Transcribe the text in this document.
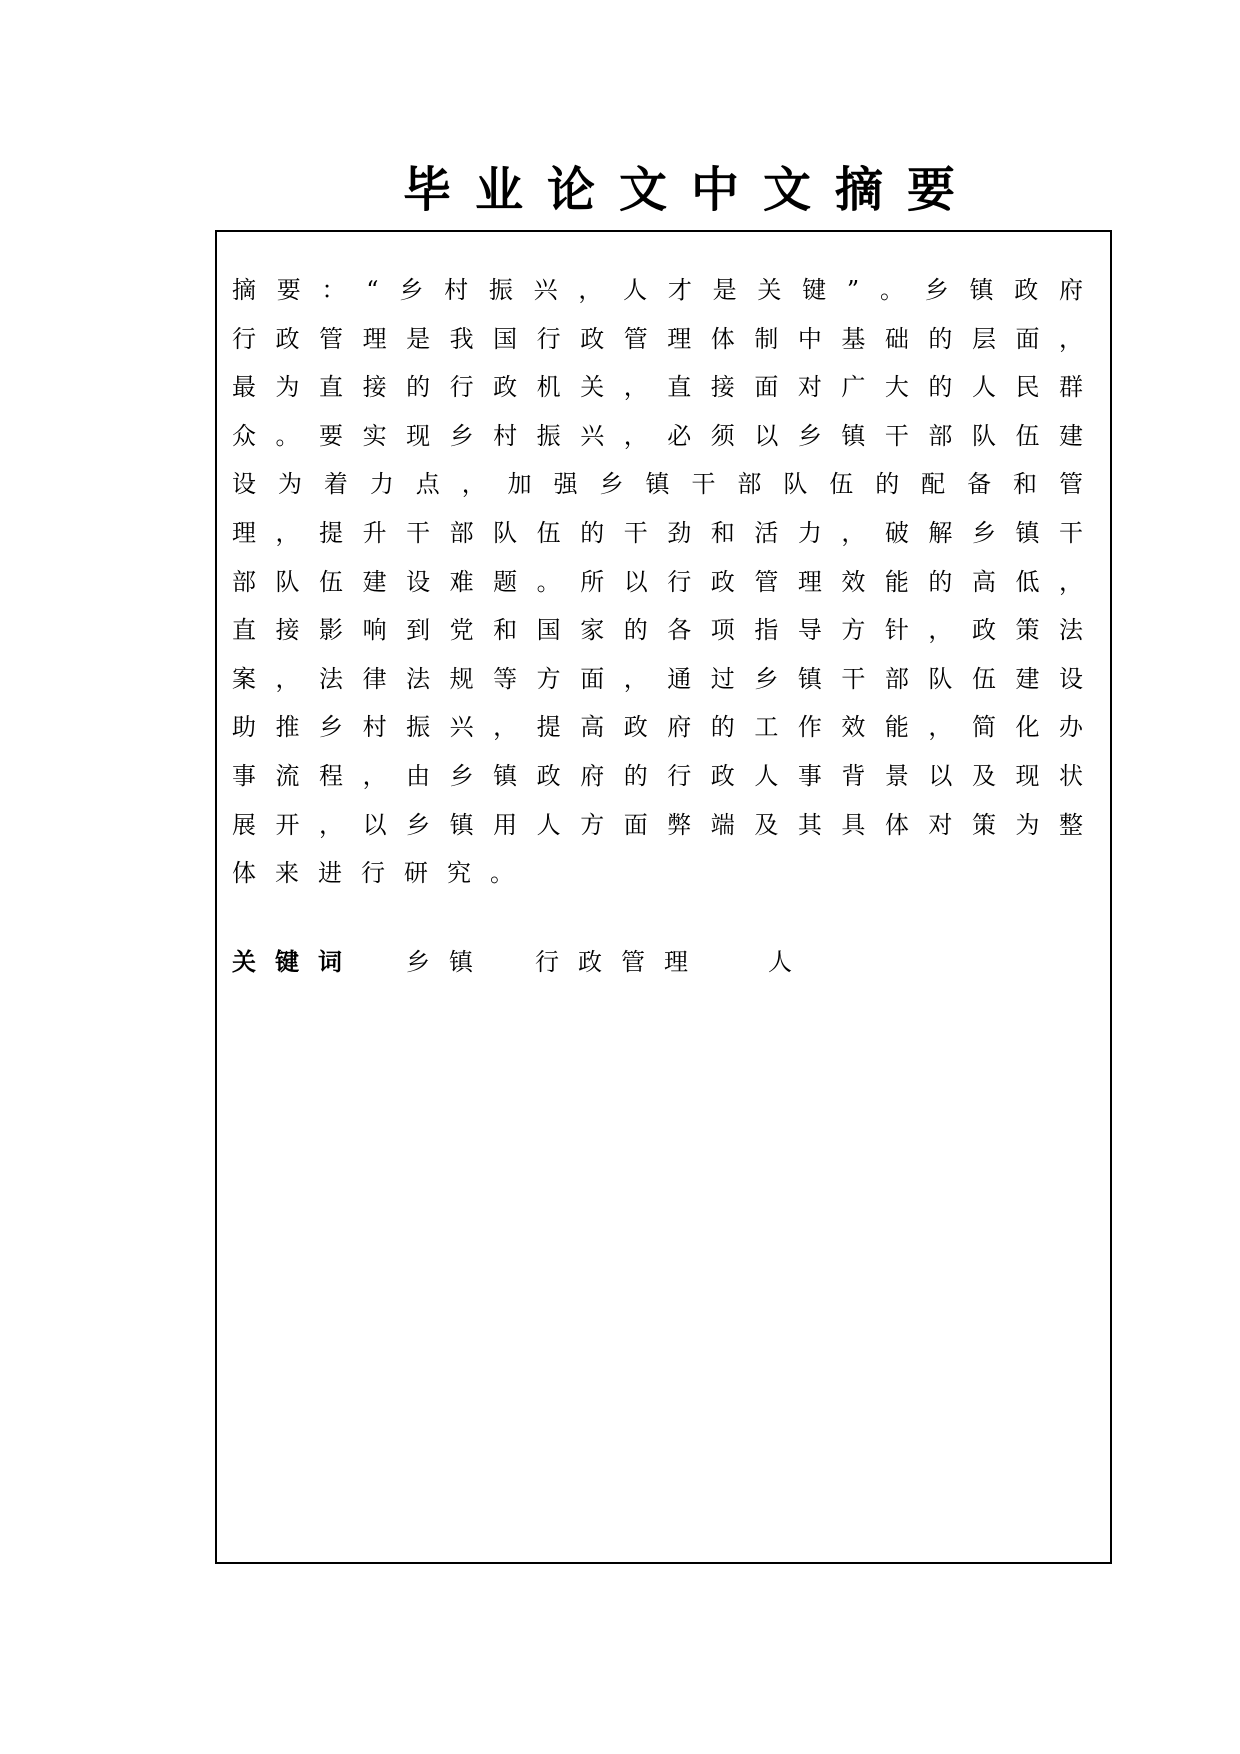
毕业论文中文摘要
摘要：“乡村振兴，人才是关键”。乡镇政府行政管理是我国行政管理体制中基础的层面，最为直接的行政机关，直接面对广大的人民群众。要实现乡村振兴，必须以乡镇干部队伍建设为着力点，加强乡镇干部队伍的配备和管理，提升干部队伍的干劲和活力，破解乡镇干部队伍建设难题。所以行政管理效能的高低，直接影响到党和国家的各项指导方针，政策法案，法律法规等方面，通过乡镇干部队伍建设助推乡村振兴，提高政府的工作效能，简化办事流程，由乡镇政府的行政人事背景以及现状展开，以乡镇用人方面弊端及其具体对策为整体来进行研究。
关键词 乡镇 行政管理	人
